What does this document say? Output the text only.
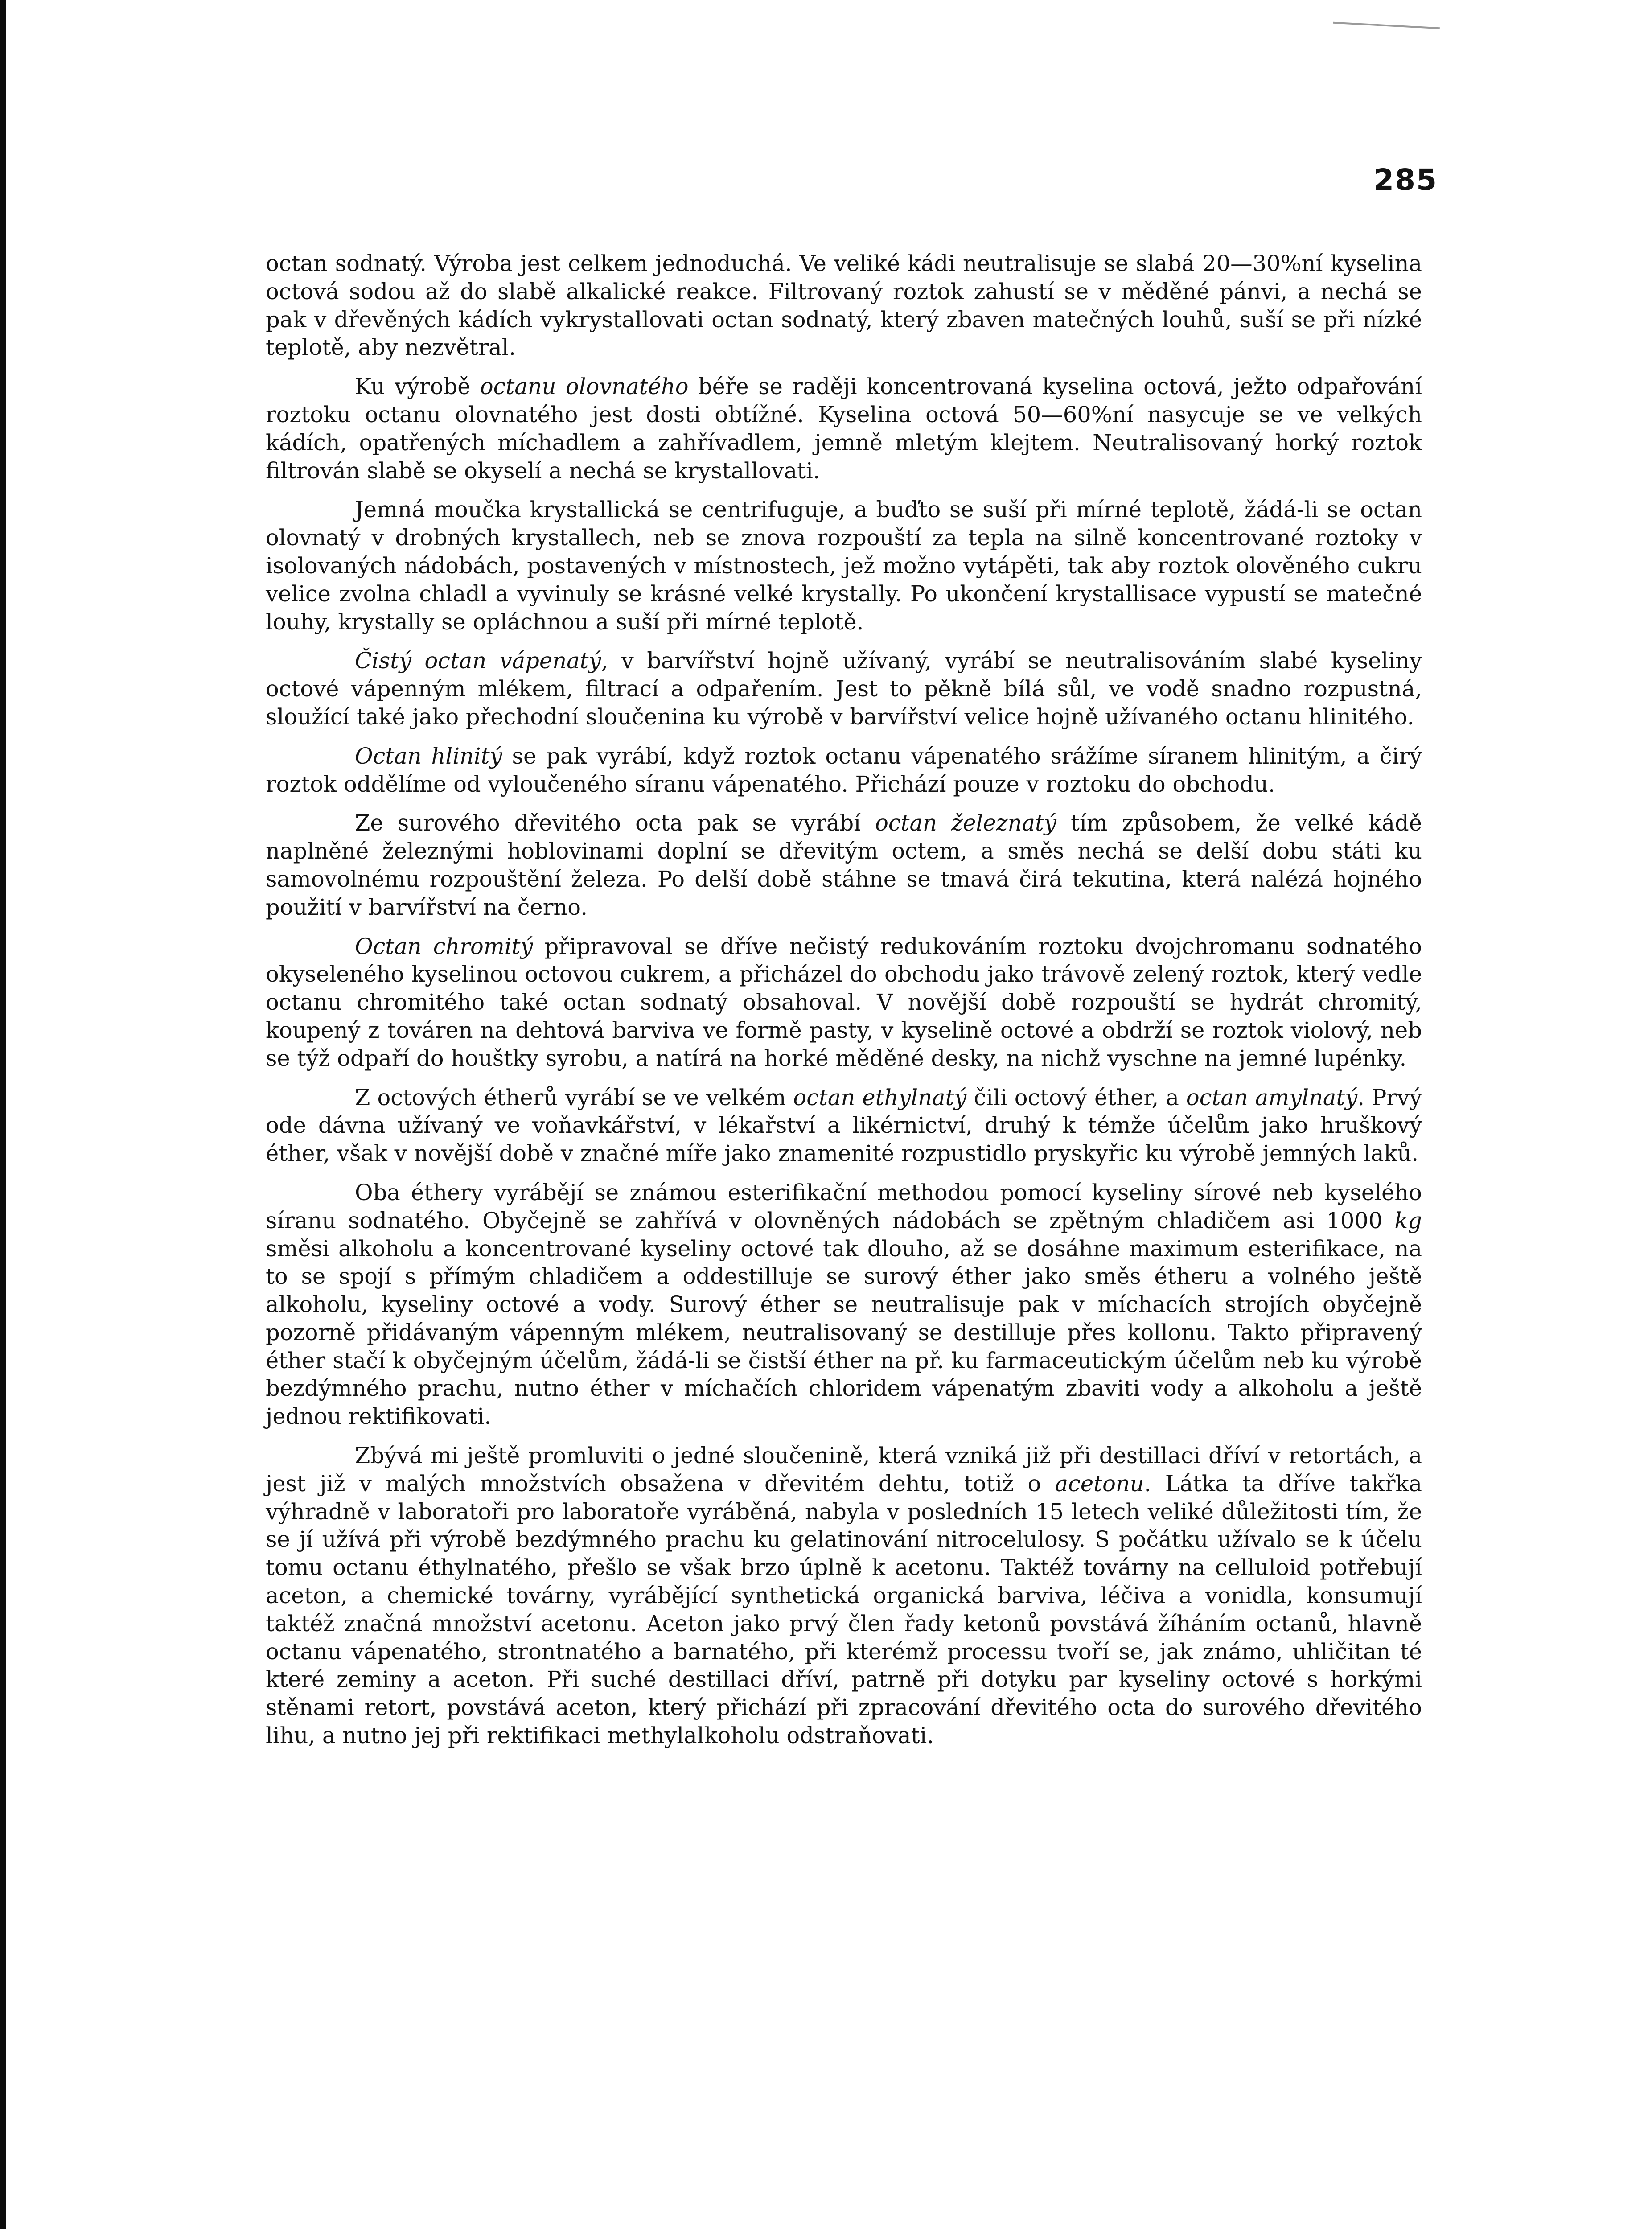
285

octan sodnatý. Výroba jest celkem jednoduchá. Ve veliké kádi neutralisuje se slabá 20—30%ní kyselina octová sodou až do slabě alkalické reakce. Filtrovaný roztok zahustí se v měděné pánvi, a nechá se pak v dřevěných kádích vykrystallovati octan sodnatý, který zbaven matečných louhů, suší se při nízké teplotě, aby nezvětral.

Ku výrobě octanu olovnatého béře se raději koncentrovaná kyselina octová, ježto odpařování roztoku octanu olovnatého jest dosti obtížné. Kyselina octová 50—60%ní nasycuje se ve velkých kádích, opatřených míchadlem a zahřívadlem, jemně mletým klejtem. Neutralisovaný horký roztok filtrován slabě se okyselí a nechá se krystallovati.

Jemná moučka krystallická se centrifuguje, a buďto se suší při mírné teplotě, žádá-li se octan olovnatý v drobných krystallech, neb se znova rozpouští za tepla na silně koncentrované roztoky v isolovaných nádobách, postavených v místnostech, jež možno vytápěti, tak aby roztok olověného cukru velice zvolna chladl a vyvinuly se krásné velké krystally. Po ukončení krystallisace vypustí se matečné louhy, krystally se opláchnou a suší při mírné teplotě.

Čistý octan vápenatý, v barvířství hojně užívaný, vyrábí se neutralisováním slabé kyseliny octové vápenným mlékem, filtrací a odpařením. Jest to pěkně bílá sůl, ve vodě snadno rozpustná, sloužící také jako přechodní sloučenina ku výrobě v barvířství velice hojně užívaného octanu hlinitého.

Octan hlinitý se pak vyrábí, když roztok octanu vápenatého srážíme síranem hlinitým, a čirý roztok oddělíme od vyloučeného síranu vápenatého. Přichází pouze v roztoku do obchodu.

Ze surového dřevitého octa pak se vyrábí octan železnatý tím způsobem, že velké kádě naplněné železnými hoblovinami doplní se dřevitým octem, a směs nechá se delší dobu státi ku samovolnému rozpouštění železa. Po delší době stáhne se tmavá čirá tekutina, která nalézá hojného použití v barvířství na černo.

Octan chromitý připravoval se dříve nečistý redukováním roztoku dvojchromanu sodnatého okyseleného kyselinou octovou cukrem, a přicházel do obchodu jako trávově zelený roztok, který vedle octanu chromitého také octan sodnatý obsahoval. V novější době rozpouští se hydrát chromitý, koupený z továren na dehtová barviva ve formě pasty, v kyselině octové a obdrží se roztok violový, neb se týž odpaří do houštky syrobu, a natírá na horké měděné desky, na nichž vyschne na jemné lupénky.

Z octových étherů vyrábí se ve velkém octan ethylnatý čili octový éther, a octan amylnatý. Prvý ode dávna užívaný ve voňavkářství, v lékařství a likérnictví, druhý k témže účelům jako hruškový éther, však v novější době v značné míře jako znamenité rozpustidlo pryskyřic ku výrobě jemných laků.

Oba éthery vyrábějí se známou esterifikační methodou pomocí kyseliny sírové neb kyselého síranu sodnatého. Obyčejně se zahřívá v olovněných nádobách se zpětným chladičem asi 1000 kg směsi alkoholu a koncentrované kyseliny octové tak dlouho, až se dosáhne maximum esterifikace, na to se spojí s přímým chladičem a oddestilluje se surový éther jako směs étheru a volného ještě alkoholu, kyseliny octové a vody. Surový éther se neutralisuje pak v míchacích strojích obyčejně pozorně přidávaným vápenným mlékem, neutralisovaný se destilluje přes kollonu. Takto připravený éther stačí k obyčejným účelům, žádá-li se čistší éther na př. ku farmaceutickým účelům neb ku výrobě bezdýmného prachu, nutno éther v míchačích chloridem vápenatým zbaviti vody a alkoholu a ještě jednou rektifikovati.

Zbývá mi ještě promluviti o jedné sloučenině, která vzniká již při destillaci dříví v retortách, a jest již v malých množstvích obsažena v dřevitém dehtu, totiž o acetonu. Látka ta dříve takřka výhradně v laboratoři pro laboratoře vyráběná, nabyla v posledních 15 letech veliké důležitosti tím, že se jí užívá při výrobě bezdýmného prachu ku gelatinování nitrocelulosy. S počátku užívalo se k účelu tomu octanu éthylnatého, přešlo se však brzo úplně k acetonu. Taktéž továrny na celluloid potřebují aceton, a chemické továrny, vyrábějící synthetická organická barviva, léčiva a vonidla, konsumují taktéž značná množství acetonu. Aceton jako prvý člen řady ketonů povstává žíháním octanů, hlavně octanu vápenatého, strontnatého a barnatého, při kterémž processu tvoří se, jak známo, uhličitan té které zeminy a aceton. Při suché destillaci dříví, patrně při dotyku par kyseliny octové s horkými stěnami retort, povstává aceton, který přichází při zpracování dřevitého octa do surového dřevitého lihu, a nutno jej při rektifikaci methylalkoholu odstraňovati.
